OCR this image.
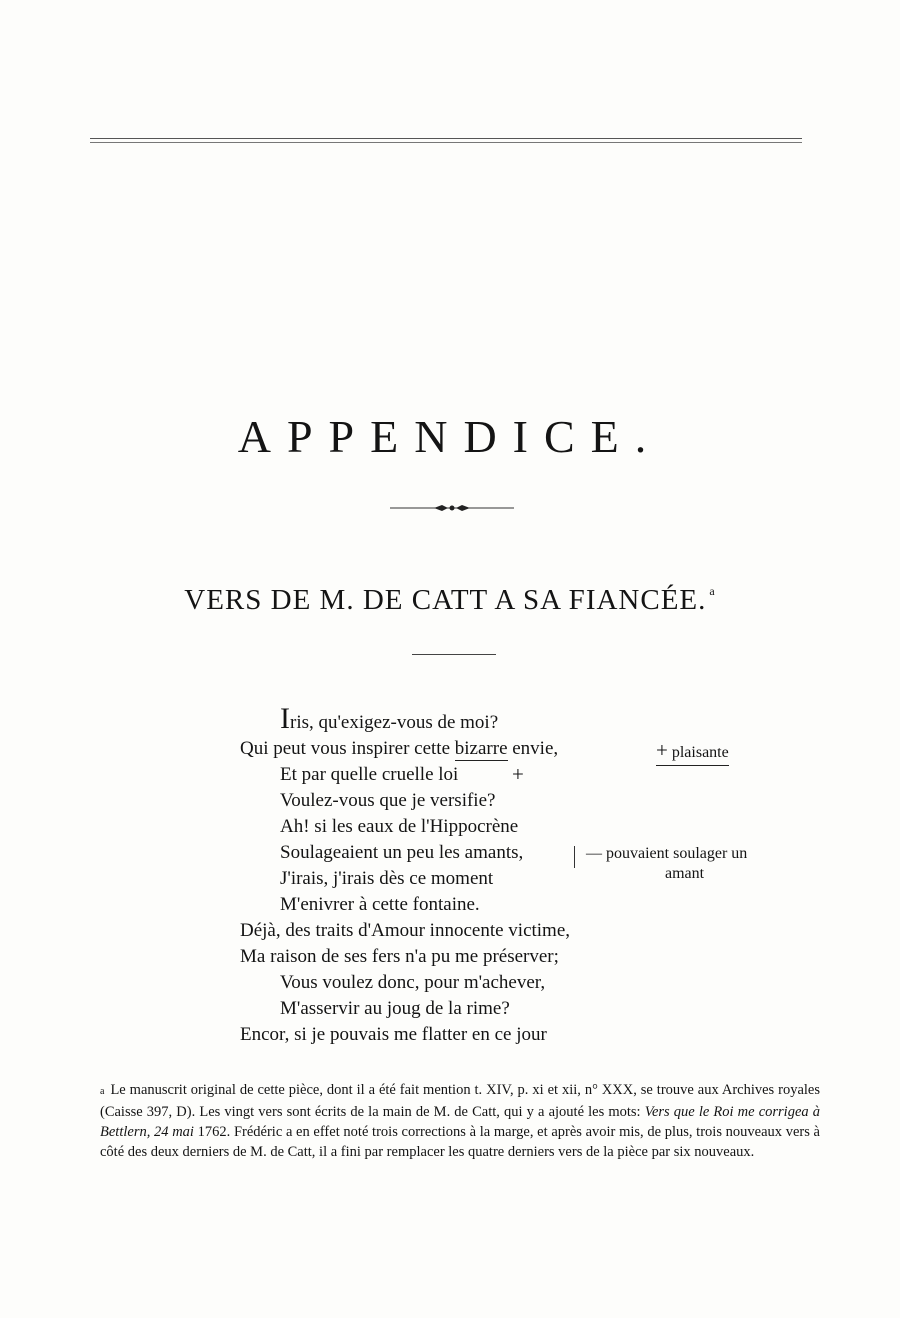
APPENDICE.
VERS DE M. DE CATT A SA FIANCÉE. $^a$
Iris, qu'exigez-vous de moi?
Qui peut vous inspirer cette bizarre envie,
Et par quelle cruelle loi
Voulez-vous que je versifie?
Ah! si les eaux de l'Hippocrène
Soulageaient un peu les amants,
J'irais, j'irais dès ce moment
M'enivrer à cette fontaine.
Déjà, des traits d'Amour innocente victime,
Ma raison de ses fers n'a pu me préserver;
Vous voulez donc, pour m'achever,
M'asservir au joug de la rime?
Encor, si je pouvais me flatter en ce jour
+ plaisante
+
— pouvaient soulager un
amant

a Le manuscrit original de cette pièce, dont il a été fait mention t. XIV, p. xi et xii, n° XXX, se trouve aux Archives royales (Caisse 397, D). Les vingt vers sont écrits de la main de M. de Catt, qui y a ajouté les mots: Vers que le Roi me corrigea à Bettlern, 24 mai 1762. Frédéric a en effet noté trois corrections à la marge, et après avoir mis, de plus, trois nouveaux vers à côté des deux derniers de M. de Catt, il a fini par remplacer les quatre derniers vers de la pièce par six nouveaux.
